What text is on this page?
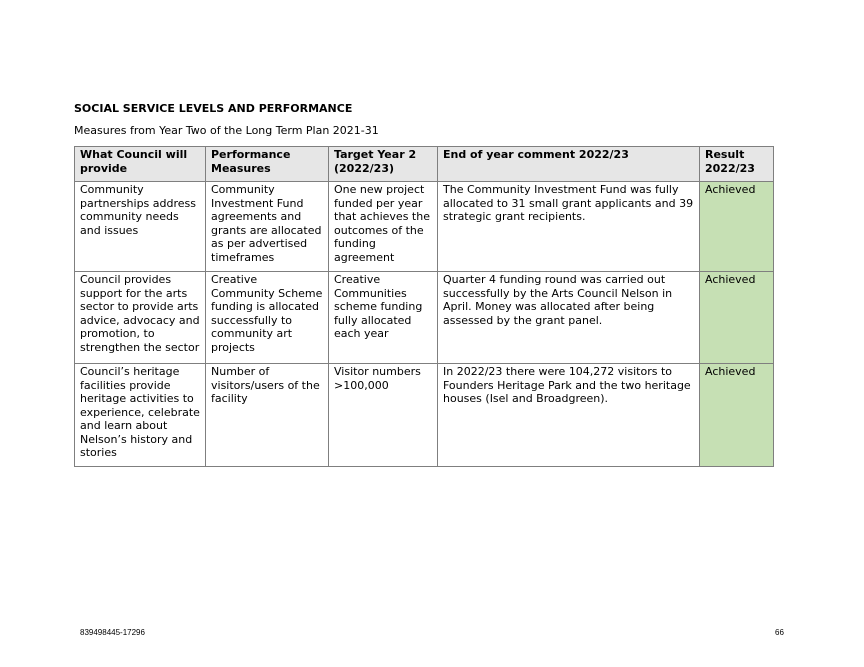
SOCIAL SERVICE LEVELS AND PERFORMANCE
Measures from Year Two of the Long Term Plan 2021-31
What Council will provide	Performance Measures	Target Year 2 (2022/23)	End of year comment 2022/23	Result 2022/23
Community partnerships address community needs and issues	Community Investment Fund agreements and grants are allocated as per advertised timeframes	One new project funded per year that achieves the outcomes of the funding agreement	The Community Investment Fund was fully allocated to 31 small grant applicants and 39 strategic grant recipients.	Achieved
Council provides support for the arts sector to provide arts advice, advocacy and promotion, to strengthen the sector	Creative Community Scheme funding is allocated successfully to community art projects	Creative Communities scheme funding fully allocated each year	Quarter 4 funding round was carried out successfully by the Arts Council Nelson in April. Money was allocated after being assessed by the grant panel.	Achieved
Council’s heritage facilities provide heritage activities to experience, celebrate and learn about Nelson’s history and stories	Number of visitors/users of the facility	Visitor numbers >100,000	In 2022/23 there were 104,272 visitors to Founders Heritage Park and the two heritage houses (Isel and Broadgreen).	Achieved
839498445-17296	66
